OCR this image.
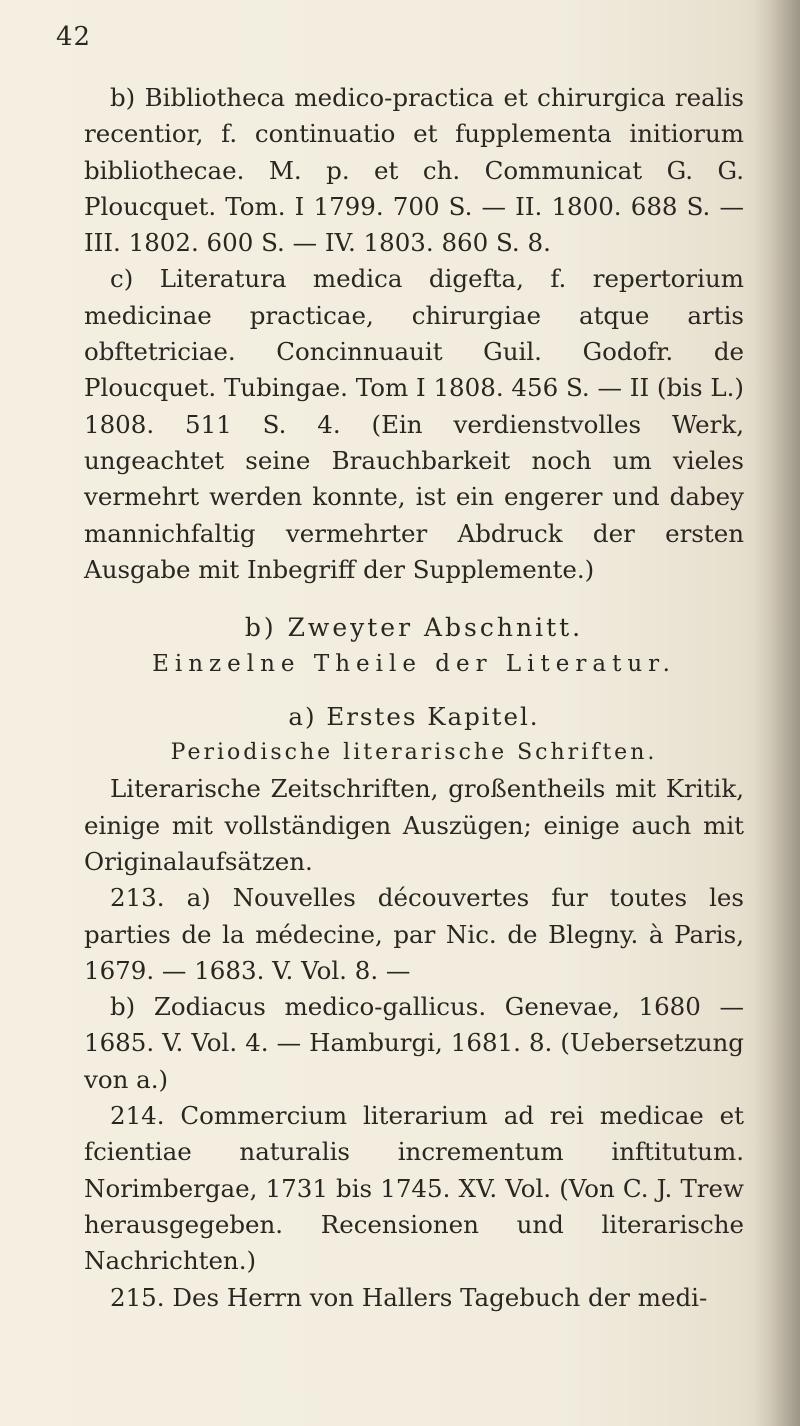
42

b) Bibliotheca medico-practica et chirurgica realis recentior, f. continuatio et fupplementa initiorum bibliothecae. M. p. et ch. Communicat G. G. Ploucquet. Tom. I 1799. 700 S. — II. 1800. 688 S. — III. 1802. 600 S. — IV. 1803. 860 S. 8.

c) Literatura medica digefta, f. repertorium medicinae practicae, chirurgiae atque artis obftetriciae. Concinnuauit Guil. Godofr. de Ploucquet. Tubingae. Tom I 1808. 456 S. — II (bis L.) 1808. 511 S. 4. (Ein verdienstvolles Werk, ungeachtet seine Brauchbarkeit noch um vieles vermehrt werden konnte, ist ein engerer und dabey mannichfaltig vermehrter Abdruck der ersten Ausgabe mit Inbegriff der Supplemente.)

b) Zweyter Abschnitt.

Einzelne Theile der Literatur.

a) Erstes Kapitel.

Periodische literarische Schriften.

Literarische Zeitschriften, großentheils mit Kritik, einige mit vollständigen Auszügen; einige auch mit Originalaufsätzen.

213. a) Nouvelles découvertes fur toutes les parties de la médecine, par Nic. de Blegny. à Paris, 1679. — 1683. V. Vol. 8. —

b) Zodiacus medico-gallicus. Genevae, 1680 — 1685. V. Vol. 4. — Hamburgi, 1681. 8. (Uebersetzung von a.)

214. Commercium literarium ad rei medicae et fcientiae naturalis incrementum inftitutum. Norimbergae, 1731 bis 1745. XV. Vol. (Von C. J. Trew herausgegeben. Recensionen und literarische Nachrichten.)

215. Des Herrn von Hallers Tagebuch der medi-
